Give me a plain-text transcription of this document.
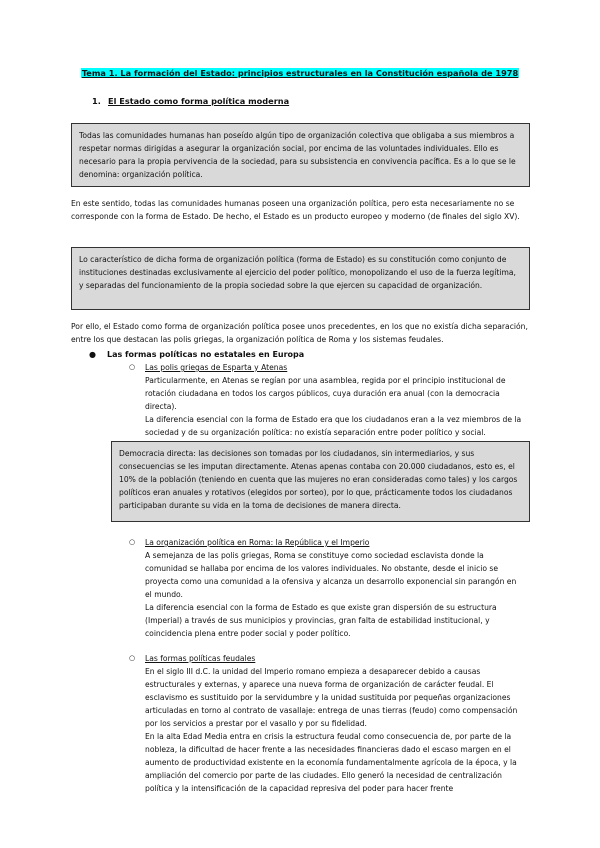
Tema 1. La formación del Estado: principios estructurales en la Constitución española de 1978
1. El Estado como forma política moderna
Todas las comunidades humanas han poseído algún tipo de organización colectiva que obligaba a sus miembros a respetar normas dirigidas a asegurar la organización social, por encima de las voluntades individuales. Ello es necesario para la propia pervivencia de la sociedad, para su subsistencia en convivencia pacífica. Es a lo que se le denomina: organización política.
En este sentido, todas las comunidades humanas poseen una organización política, pero esta necesariamente no se corresponde con la forma de Estado. De hecho, el Estado es un producto europeo y moderno (de finales del siglo XV).
Lo característico de dicha forma de organización política (forma de Estado) es su constitución como conjunto de instituciones destinadas exclusivamente al ejercicio del poder político, monopolizando el uso de la fuerza legítima, y separadas del funcionamiento de la propia sociedad sobre la que ejercen su capacidad de organización.
Por ello, el Estado como forma de organización política posee unos precedentes, en los que no existía dicha separación, entre los que destacan las polis griegas, la organización política de Roma y los sistemas feudales.
● Las formas políticas no estatales en Europa
○ Las polis griegas de Esparta y Atenas

Particularmente, en Atenas se regían por una asamblea, regida por el principio institucional de rotación ciudadana en todos los cargos públicos, cuya duración era anual (con la democracia directa).

La diferencia esencial con la forma de Estado era que los ciudadanos eran a la vez miembros de la sociedad y de su organización política: no existía separación entre poder político y social.

Democracia directa: las decisiones son tomadas por los ciudadanos, sin intermediarios, y sus consecuencias se les imputan directamente. Atenas apenas contaba con 20.000 ciudadanos, esto es, el 10% de la población (teniendo en cuenta que las mujeres no eran consideradas como tales) y los cargos políticos eran anuales y rotativos (elegidos por sorteo), por lo que, prácticamente todos los ciudadanos participaban durante su vida en la toma de decisiones de manera directa.
○ La organización política en Roma: la República y el Imperio

A semejanza de las polis griegas, Roma se constituye como sociedad esclavista donde la comunidad se hallaba por encima de los valores individuales. No obstante, desde el inicio se proyecta como una comunidad a la ofensiva y alcanza un desarrollo exponencial sin parangón en el mundo.

La diferencia esencial con la forma de Estado es que existe gran dispersión de su estructura (Imperial) a través de sus municipios y provincias, gran falta de estabilidad institucional, y coincidencia plena entre poder social y poder político.

○ Las formas políticas feudales

En el siglo III d.C. la unidad del Imperio romano empieza a desaparecer debido a causas estructurales y externas, y aparece una nueva forma de organización de carácter feudal. El esclavismo es sustituido por la servidumbre y la unidad sustituida por pequeñas organizaciones articuladas en torno al contrato de vasallaje: entrega de unas tierras (feudo) como compensación por los servicios a prestar por el vasallo y por su fidelidad.

En la alta Edad Media entra en crisis la estructura feudal como consecuencia de, por parte de la nobleza, la dificultad de hacer frente a las necesidades financieras dado el escaso margen en el aumento de productividad existente en la economía fundamentalmente agrícola de la época, y la ampliación del comercio por parte de las ciudades. Ello generó la necesidad de centralización política y la intensificación de la capacidad represiva del poder para hacer frente
